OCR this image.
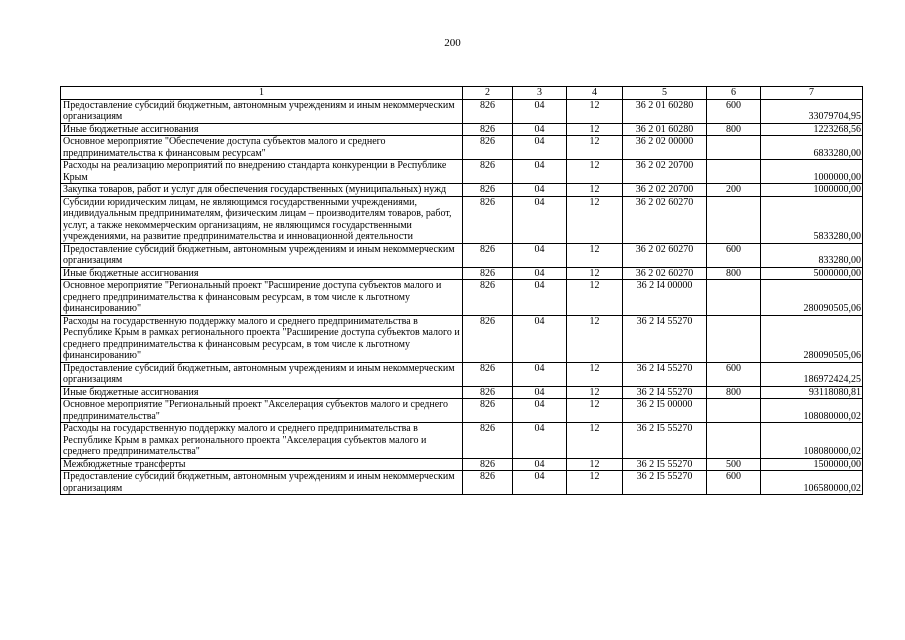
200
1	2	3	4	5	6	7
Предоставление субсидий бюджетным, автономным учреждениям и иным некоммерческим организациям	826	04	12	36 2 01 60280	600	33079704,95
Иные бюджетные ассигнования	826	04	12	36 2 01 60280	800	1223268,56
Основное мероприятие "Обеспечение доступа субъектов малого и среднего предпринимательства к финансовым ресурсам"	826	04	12	36 2 02 00000		6833280,00
Расходы на реализацию мероприятий по внедрению стандарта конкуренции в Республике Крым	826	04	12	36 2 02 20700		1000000,00
Закупка товаров, работ и услуг для обеспечения государственных (муниципальных) нужд	826	04	12	36 2 02 20700	200	1000000,00
Субсидии юридическим лицам, не являющимся государственными учреждениями, индивидуальным предпринимателям, физическим лицам – производителям товаров, работ, услуг, а также некоммерческим организациям, не являющимся государственными учреждениями, на развитие предпринимательства и инновационной деятельности	826	04	12	36 2 02 60270		5833280,00
Предоставление субсидий бюджетным, автономным учреждениям и иным некоммерческим организациям	826	04	12	36 2 02 60270	600	833280,00
Иные бюджетные ассигнования	826	04	12	36 2 02 60270	800	5000000,00
Основное мероприятие "Региональный проект "Расширение доступа субъектов малого и среднего предпринимательства к финансовым ресурсам, в том числе к льготному финансированию"	826	04	12	36 2 I4 00000		280090505,06
Расходы на государственную поддержку малого и среднего предпринимательства в Республике Крым в рамках регионального проекта "Расширение доступа субъектов малого и среднего предпринимательства к финансовым ресурсам, в том числе к льготному финансированию"	826	04	12	36 2 I4 55270		280090505,06
Предоставление субсидий бюджетным, автономным учреждениям и иным некоммерческим организациям	826	04	12	36 2 I4 55270	600	186972424,25
Иные бюджетные ассигнования	826	04	12	36 2 I4 55270	800	93118080,81
Основное мероприятие "Региональный проект "Акселерация субъектов малого и среднего предпринимательства"	826	04	12	36 2 I5 00000		108080000,02
Расходы на государственную поддержку малого и среднего предпринимательства в Республике Крым в рамках регионального проекта "Акселерация субъектов малого и среднего предпринимательства"	826	04	12	36 2 I5 55270		108080000,02
Межбюджетные трансферты	826	04	12	36 2 I5 55270	500	1500000,00
Предоставление субсидий бюджетным, автономным учреждениям и иным некоммерческим организациям	826	04	12	36 2 I5 55270	600	106580000,02
